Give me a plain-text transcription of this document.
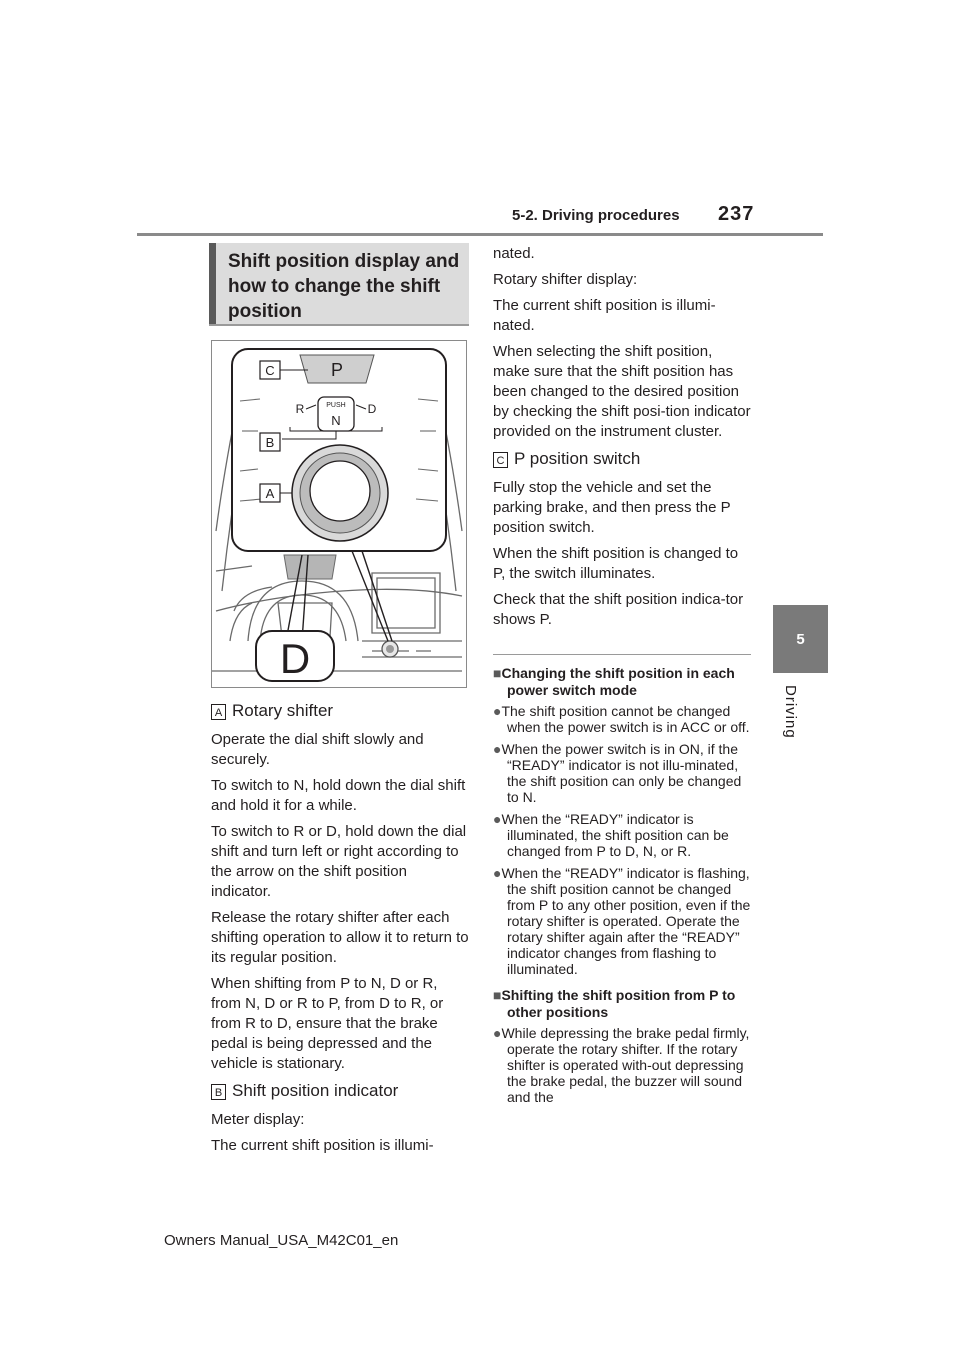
5-2. Driving procedures 237
5
Driving
Shift position display and
how to change the shift
position
P
PUSH
N
R	D
C
B
A
D
A Rotary shifter

Operate the dial shift slowly and securely.

To switch to N, hold down the dial shift and hold it for a while.

To switch to R or D, hold down the dial shift and turn left or right according to the arrow on the shift position indicator.

Release the rotary shifter after each shifting operation to allow it to return to its regular position.

When shifting from P to N, D or R, from N, D or R to P, from D to R, or from R to D, ensure that the brake pedal is being depressed and the vehicle is stationary.

B Shift position indicator

Meter display:

The current shift position is illumi-

nated.

Rotary shifter display:

The current shift position is illumi-nated.

When selecting the shift position, make sure that the shift position has been changed to the desired position by checking the shift posi-tion indicator provided on the instrument cluster.

C P position switch

Fully stop the vehicle and set the parking brake, and then press the P position switch.

When the shift position is changed to P, the switch illuminates.

Check that the shift position indica-tor shows P.

■Changing the shift position in each power switch mode
●The shift position cannot be changed when the power switch is in ACC or off.
●When the power switch is in ON, if the “READY” indicator is not illu-minated, the shift position can only be changed to N.
●When the “READY” indicator is illuminated, the shift position can be changed from P to D, N, or R.
●When the “READY” indicator is flashing, the shift position cannot be changed from P to any other position, even if the rotary shifter is operated. Operate the rotary shifter again after the “READY” indicator changes from flashing to illuminated.
■Shifting the shift position from P to other positions
●While depressing the brake pedal firmly, operate the rotary shifter. If the rotary shifter is operated with-out depressing the brake pedal, the buzzer will sound and the
Owners Manual_USA_M42C01_en
